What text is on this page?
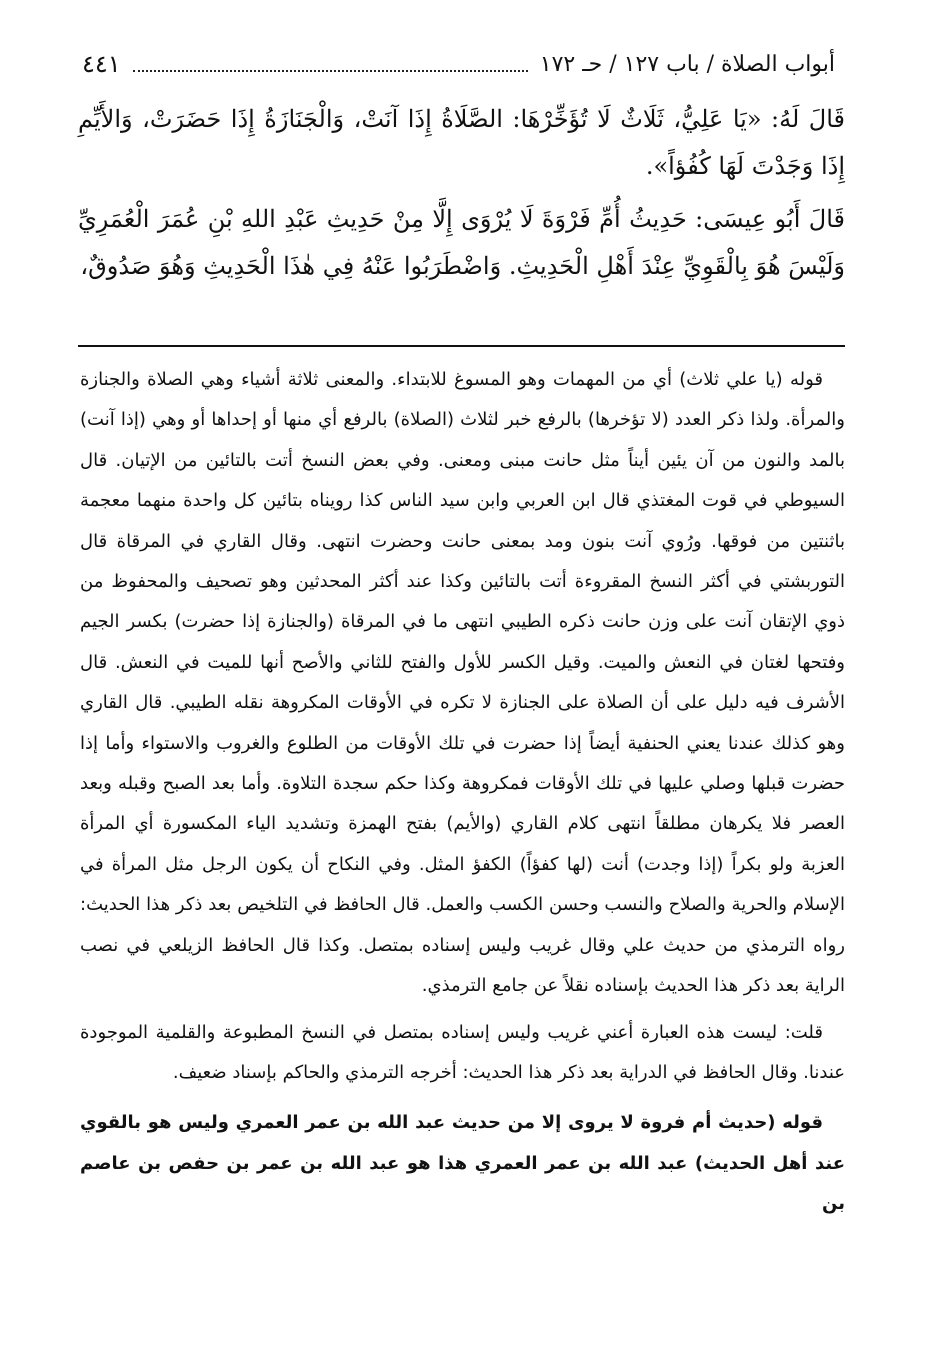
أبواب الصلاة / باب ١٢٧ / حـ ١٧٢
٤٤١

قَالَ لَهُ: «يَا عَلِيُّ، ثَلَاثٌ لَا تُؤَخِّرْهَا: الصَّلَاةُ إِذَا آنَتْ، وَالْجَنَازَةُ إِذَا حَضَرَتْ، وَالأَيِّمِ إِذَا وَجَدْتَ لَهَا كُفُؤاً».

قَالَ أَبُو عِيسَى: حَدِيثُ أُمِّ فَرْوَةَ لَا يُرْوَى إِلَّا مِنْ حَدِيثِ عَبْدِ اللهِ بْنِ عُمَرَ الْعُمَرِيِّ وَلَيْسَ هُوَ بِالْقَوِيِّ عِنْدَ أَهْلِ الْحَدِيثِ. وَاضْطَرَبُوا عَنْهُ فِي هٰذَا الْحَدِيثِ وَهُوَ صَدُوقٌ،

قوله (يا علي ثلاث) أي من المهمات وهو المسوغ للابتداء. والمعنى ثلاثة أشياء وهي الصلاة والجنازة والمرأة. ولذا ذكر العدد (لا تؤخرها) بالرفع خبر لثلاث (الصلاة) بالرفع أي منها أو إحداها أو وهي (إذا آنت) بالمد والنون من آن يئين أيناً مثل حانت مبنى ومعنى. وفي بعض النسخ أتت بالتائين من الإتيان. قال السيوطي في قوت المغتذي قال ابن العربي وابن سيد الناس كذا رويناه بتائين كل واحدة منهما معجمة باثنتين من فوقها. ورُوي آنت بنون ومد بمعنى حانت وحضرت انتهى. وقال القاري في المرقاة قال التوربشتي في أكثر النسخ المقروءة أتت بالتائين وكذا عند أكثر المحدثين وهو تصحيف والمحفوظ من ذوي الإتقان آنت على وزن حانت ذكره الطيبي انتهى ما في المرقاة (والجنازة إذا حضرت) بكسر الجيم وفتحها لغتان في النعش والميت. وقيل الكسر للأول والفتح للثاني والأصح أنها للميت في النعش. قال الأشرف فيه دليل على أن الصلاة على الجنازة لا تكره في الأوقات المكروهة نقله الطيبي. قال القاري وهو كذلك عندنا يعني الحنفية أيضاً إذا حضرت في تلك الأوقات من الطلوع والغروب والاستواء وأما إذا حضرت قبلها وصلي عليها في تلك الأوقات فمكروهة وكذا حكم سجدة التلاوة. وأما بعد الصبح وقبله وبعد العصر فلا يكرهان مطلقاً انتهى كلام القاري (والأيم) بفتح الهمزة وتشديد الياء المكسورة أي المرأة العزبة ولو بكراً (إذا وجدت) أنت (لها كفؤاً) الكفؤ المثل. وفي النكاح أن يكون الرجل مثل المرأة في الإسلام والحرية والصلاح والنسب وحسن الكسب والعمل. قال الحافظ في التلخيص بعد ذكر هذا الحديث: رواه الترمذي من حديث علي وقال غريب وليس إسناده بمتصل. وكذا قال الحافظ الزيلعي في نصب الراية بعد ذكر هذا الحديث بإسناده نقلاً عن جامع الترمذي.

قلت: ليست هذه العبارة أعني غريب وليس إسناده بمتصل في النسخ المطبوعة والقلمية الموجودة عندنا. وقال الحافظ في الدراية بعد ذكر هذا الحديث: أخرجه الترمذي والحاكم بإسناد ضعيف.

قوله (حديث أم فروة لا يروى إلا من حديث عبد الله بن عمر العمري وليس هو بالقوي عند أهل الحديث) عبد الله بن عمر العمري هذا هو عبد الله بن عمر بن حفص بن عاصم بن
